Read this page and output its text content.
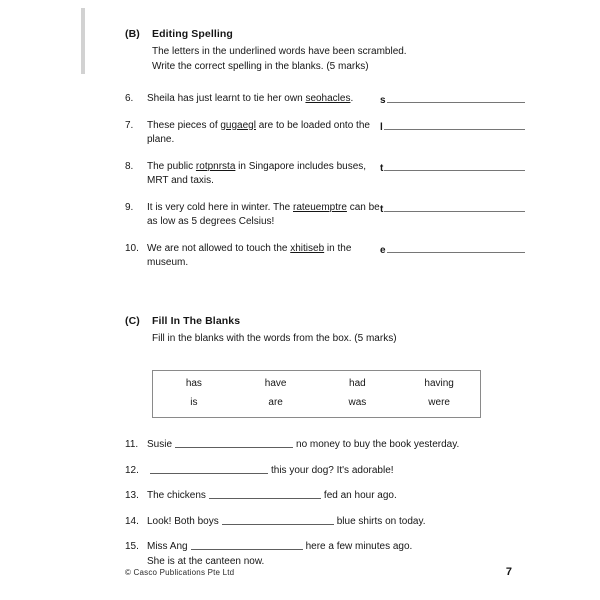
(B)	Editing Spelling
The letters in the underlined words have been scrambled.
Write the correct spelling in the blanks. (5 marks)
6.	Sheila has just learnt to tie her own seohacles.	s
7.	These pieces of gugaegl are to be loaded onto the plane.
l
8.	The public rotpnrsta in Singapore includes buses, MRT and taxis.
t
9.	It is very cold here in winter. The rateuemptre can be as low as 5 degrees Celsius!
t
10. We are not allowed to touch the xhitiseb in the museum.
e
(C)	Fill In The Blanks
Fill in the blanks with the words from the box. (5 marks)
has	have	had	having
is	are	was	were
11. Susie	no money to buy the book yesterday.
12.	this your dog? It's adorable!
13. The chickens	fed an hour ago.
14. Look! Both boys	blue shirts on today.
15. Miss Ang	here a few minutes ago.
She is at the canteen now.
© Casco Publications Pte Ltd	7
